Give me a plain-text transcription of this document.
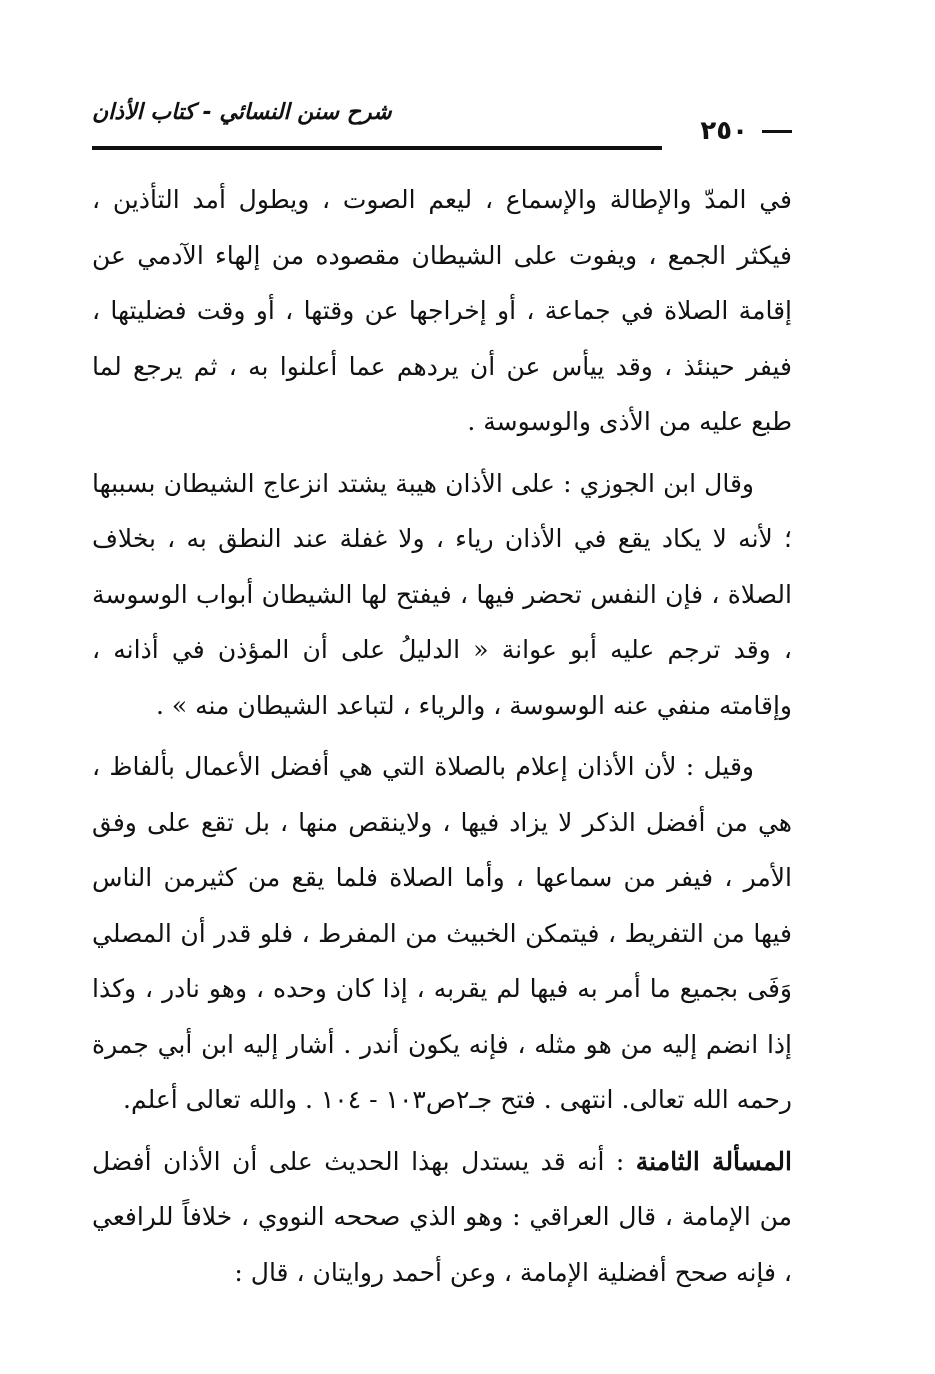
٢٥٠
شرح سنن النسائي - كتاب الأذان

في المدّ والإطالة والإسماع ، ليعم الصوت ، ويطول أمد التأذين ، فيكثر الجمع ، ويفوت على الشيطان مقصوده من إلهاء الآدمي عن إقامة الصلاة في جماعة ، أو إخراجها عن وقتها ، أو وقت فضليتها ، فيفر حينئذ ، وقد ييأس عن أن يردهم عما أعلنوا به ، ثم يرجع لما طبع عليه من الأذى والوسوسة .

وقال ابن الجوزي : على الأذان هيبة يشتد انزعاج الشيطان بسببها ؛ لأنه لا يكاد يقع في الأذان رياء ، ولا غفلة عند النطق به ، بخلاف الصلاة ، فإن النفس تحضر فيها ، فيفتح لها الشيطان أبواب الوسوسة ، وقد ترجم عليه أبو عوانة « الدليلُ على أن المؤذن في أذانه ، وإقامته منفي عنه الوسوسة ، والرياء ، لتباعد الشيطان منه » .

وقيل : لأن الأذان إعلام بالصلاة التي هي أفضل الأعمال بألفاظ ، هي من أفضل الذكر لا يزاد فيها ، ولاينقص منها ، بل تقع على وفق الأمر ، فيفر من سماعها ، وأما الصلاة فلما يقع من كثيرمن الناس فيها من التفريط ، فيتمكن الخبيث من المفرط ، فلو قدر أن المصلي وَفَى بجميع ما أمر به فيها لم يقربه ، إذا كان وحده ، وهو نادر ، وكذا إذا انضم إليه من هو مثله ، فإنه يكون أندر . أشار إليه ابن أبي جمرة رحمه الله تعالى. انتهى . فتح جـ٢ص١٠٣ - ١٠٤ . والله تعالى أعلم.

المسألة الثامنة : أنه قد يستدل بهذا الحديث على أن الأذان أفضل من الإمامة ، قال العراقي : وهو الذي صححه النووي ، خلافاً للرافعي ، فإنه صحح أفضلية الإمامة ، وعن أحمد روايتان ، قال :
